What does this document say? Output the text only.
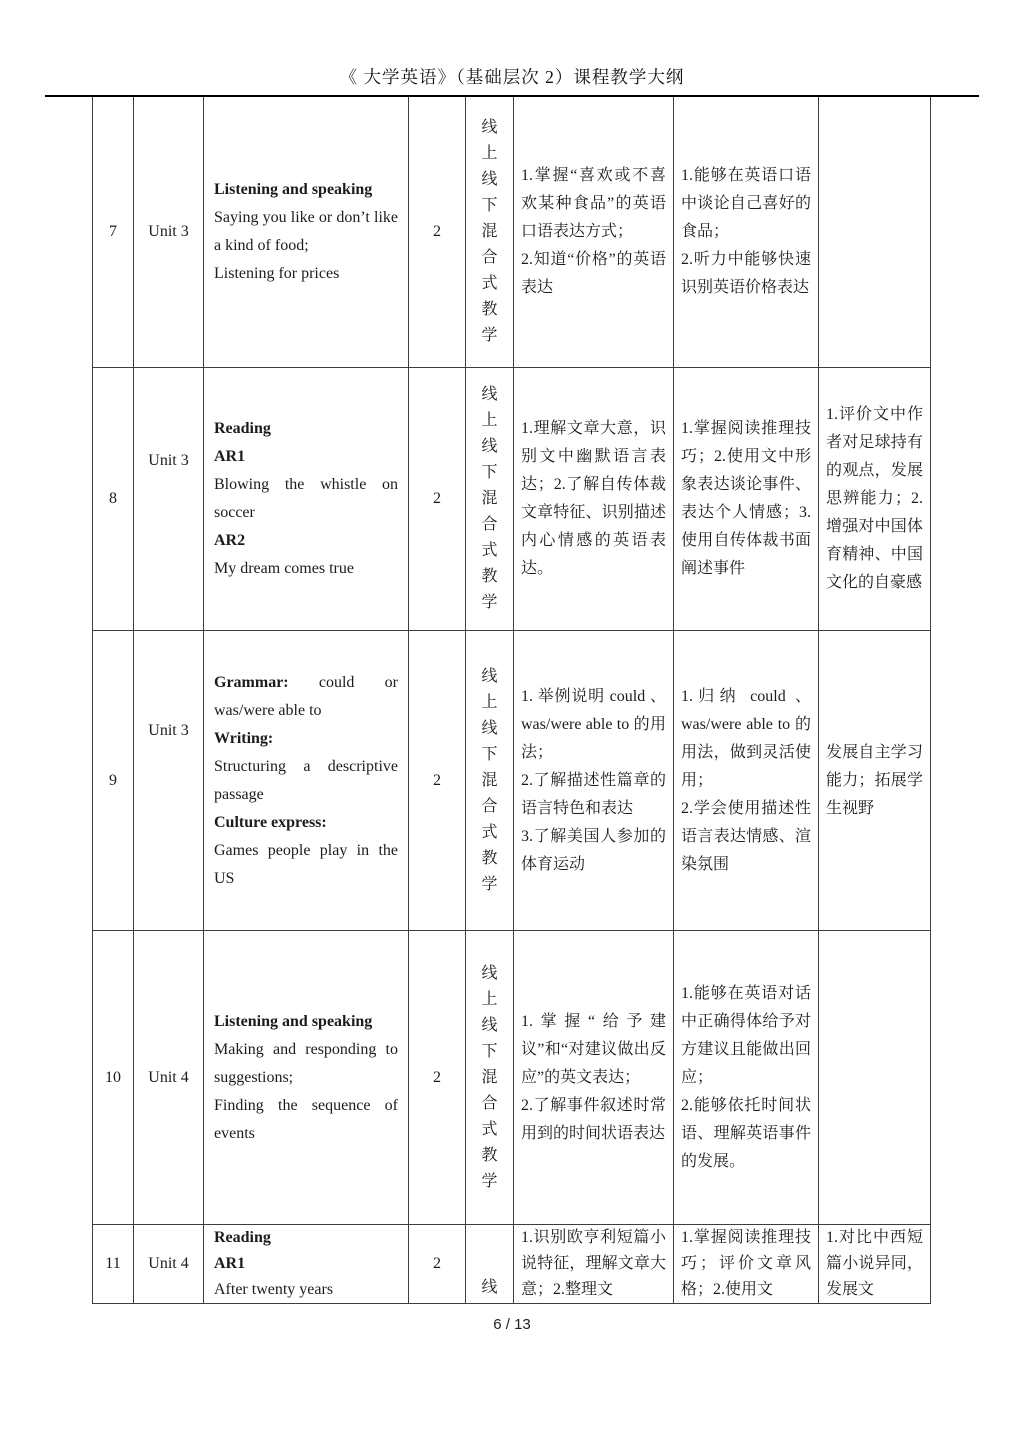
《 大学英语》（基础层次 2）课程教学大纲
7 Unit 3

Listening and speaking

Saying you like or don’t like a kind of food;

Listening for prices

2
线
上
线
下
混
合
式
教
学

1.掌握“喜欢或不喜欢某种食品”的英语口语表达方式；

2.知道“价格”的英语表达

1.能够在英语口语中谈论自己喜好的食品；

2.听力中能够快速识别英语价格表达

8
Unit 3

Reading

AR1

Blowing the whistle on soccer

AR2

My dream comes true

2
线
上
线
下
混
合
式
教
学

1.理解文章大意，识别文中幽默语言表达；2.了解自传体裁文章特征、识别描述内心情感的英语表达。

1.掌握阅读推理技巧；2.使用文中形象表达谈论事件、表达个人情感；3.使用自传体裁书面阐述事件

1.评价文中作者对足球持有的观点，发展思辨能力；2.增强对中国体育精神、中国文化的自豪感

9
Unit 3

Grammar: could or was/were able to

Writing:

Structuring a descriptive passage

Culture express:

Games people play in the US

2
线
上
线
下
混
合
式
教
学

1. 举例说明 could 、was/were able to 的用法；

2.了解描述性篇章的语言特色和表达

3.了解美国人参加的体育运动

1.归纳 could 、was/were able to 的用法，做到灵活使用；

2.学会使用描述性语言表达情感、渲染氛围

发展自主学习能力；拓展学生视野

10 Unit 4

Listening and speaking

Making and responding to suggestions;

Finding the sequence of events

2
线
上
线
下
混
合
式
教
学

1.掌握“给予建议”和“对建议做出反应”的英文表达；

2.了解事件叙述时常用到的时间状语表达

1.能够在英语对话中正确得体给予对方建议且能做出回应；

2.能够依托时间状语、理解英语事件的发展。

11 Unit 4

Reading

AR1

After twenty years

2
线

1.识别欧亨利短篇小说特征，理解文章大意；2.整理文

1.掌握阅读推理技巧；评价文章风格；2.使用文

1.对比中西短篇小说异同，发展文

6 / 13
